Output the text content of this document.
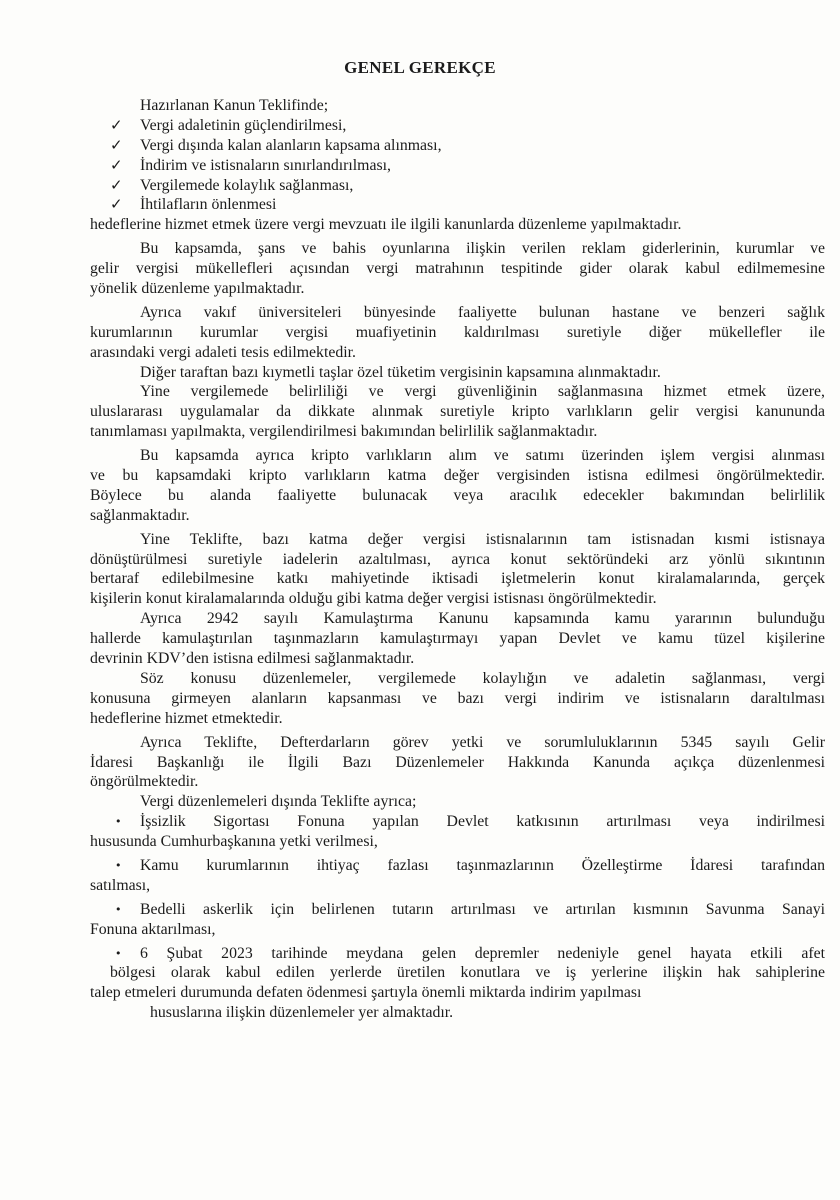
GENEL GEREKÇE
Hazırlanan Kanun Teklifinde;
✓ Vergi adaletinin güçlendirilmesi,
✓ Vergi dışında kalan alanların kapsama alınması,
✓ İndirim ve istisnaların sınırlandırılması,
✓ Vergilemede kolaylık sağlanması,
✓ İhtilafların önlenmesi
hedeflerine hizmet etmek üzere vergi mevzuatı ile ilgili kanunlarda düzenleme yapılmaktadır.
Bu kapsamda, şans ve bahis oyunlarına ilişkin verilen reklam giderlerinin, kurumlar ve
gelir vergisi mükellefleri açısından vergi matrahının tespitinde gider olarak kabul edilmemesine
yönelik düzenleme yapılmaktadır.
Ayrıca vakıf üniversiteleri bünyesinde faaliyette bulunan hastane ve benzeri sağlık
kurumlarının kurumlar vergisi muafiyetinin kaldırılması suretiyle diğer mükellefler ile
arasındaki vergi adaleti tesis edilmektedir.
Diğer taraftan bazı kıymetli taşlar özel tüketim vergisinin kapsamına alınmaktadır.
Yine vergilemede belirliliği ve vergi güvenliğinin sağlanmasına hizmet etmek üzere,
uluslararası uygulamalar da dikkate alınmak suretiyle kripto varlıkların gelir vergisi kanununda
tanımlaması yapılmakta, vergilendirilmesi bakımından belirlilik sağlanmaktadır.
Bu kapsamda ayrıca kripto varlıkların alım ve satımı üzerinden işlem vergisi alınması
ve bu kapsamdaki kripto varlıkların katma değer vergisinden istisna edilmesi öngörülmektedir.
Böylece bu alanda faaliyette bulunacak veya aracılık edecekler bakımından belirlilik
sağlanmaktadır.
Yine Teklifte, bazı katma değer vergisi istisnalarının tam istisnadan kısmi istisnaya
dönüştürülmesi suretiyle iadelerin azaltılması, ayrıca konut sektöründeki arz yönlü sıkıntının
bertaraf edilebilmesine katkı mahiyetinde iktisadi işletmelerin konut kiralamalarında, gerçek
kişilerin konut kiralamalarında olduğu gibi katma değer vergisi istisnası öngörülmektedir.
Ayrıca 2942 sayılı Kamulaştırma Kanunu kapsamında kamu yararının bulunduğu
hallerde kamulaştırılan taşınmazların kamulaştırmayı yapan Devlet ve kamu tüzel kişilerine
devrinin KDV’den istisna edilmesi sağlanmaktadır.
Söz konusu düzenlemeler, vergilemede kolaylığın ve adaletin sağlanması, vergi
konusuna girmeyen alanların kapsanması ve bazı vergi indirim ve istisnaların daraltılması
hedeflerine hizmet etmektedir.
Ayrıca Teklifte, Defterdarların görev yetki ve sorumluluklarının 5345 sayılı Gelir
İdaresi Başkanlığı ile İlgili Bazı Düzenlemeler Hakkında Kanunda açıkça düzenlenmesi
öngörülmektedir.
Vergi düzenlemeleri dışında Teklifte ayrıca;
• İşsizlik Sigortası Fonuna yapılan Devlet katkısının artırılması veya indirilmesi
hususunda Cumhurbaşkanına yetki verilmesi,
• Kamu kurumlarının ihtiyaç fazlası taşınmazlarının Özelleştirme İdaresi tarafından
satılması,
• Bedelli askerlik için belirlenen tutarın artırılması ve artırılan kısmının Savunma Sanayi
Fonuna aktarılması,
• 6 Şubat 2023 tarihinde meydana gelen depremler nedeniyle genel hayata etkili afet
bölgesi olarak kabul edilen yerlerde üretilen konutlara ve iş yerlerine ilişkin hak sahiplerine
talep etmeleri durumunda defaten ödenmesi şartıyla önemli miktarda indirim yapılması
hususlarına ilişkin düzenlemeler yer almaktadır.
